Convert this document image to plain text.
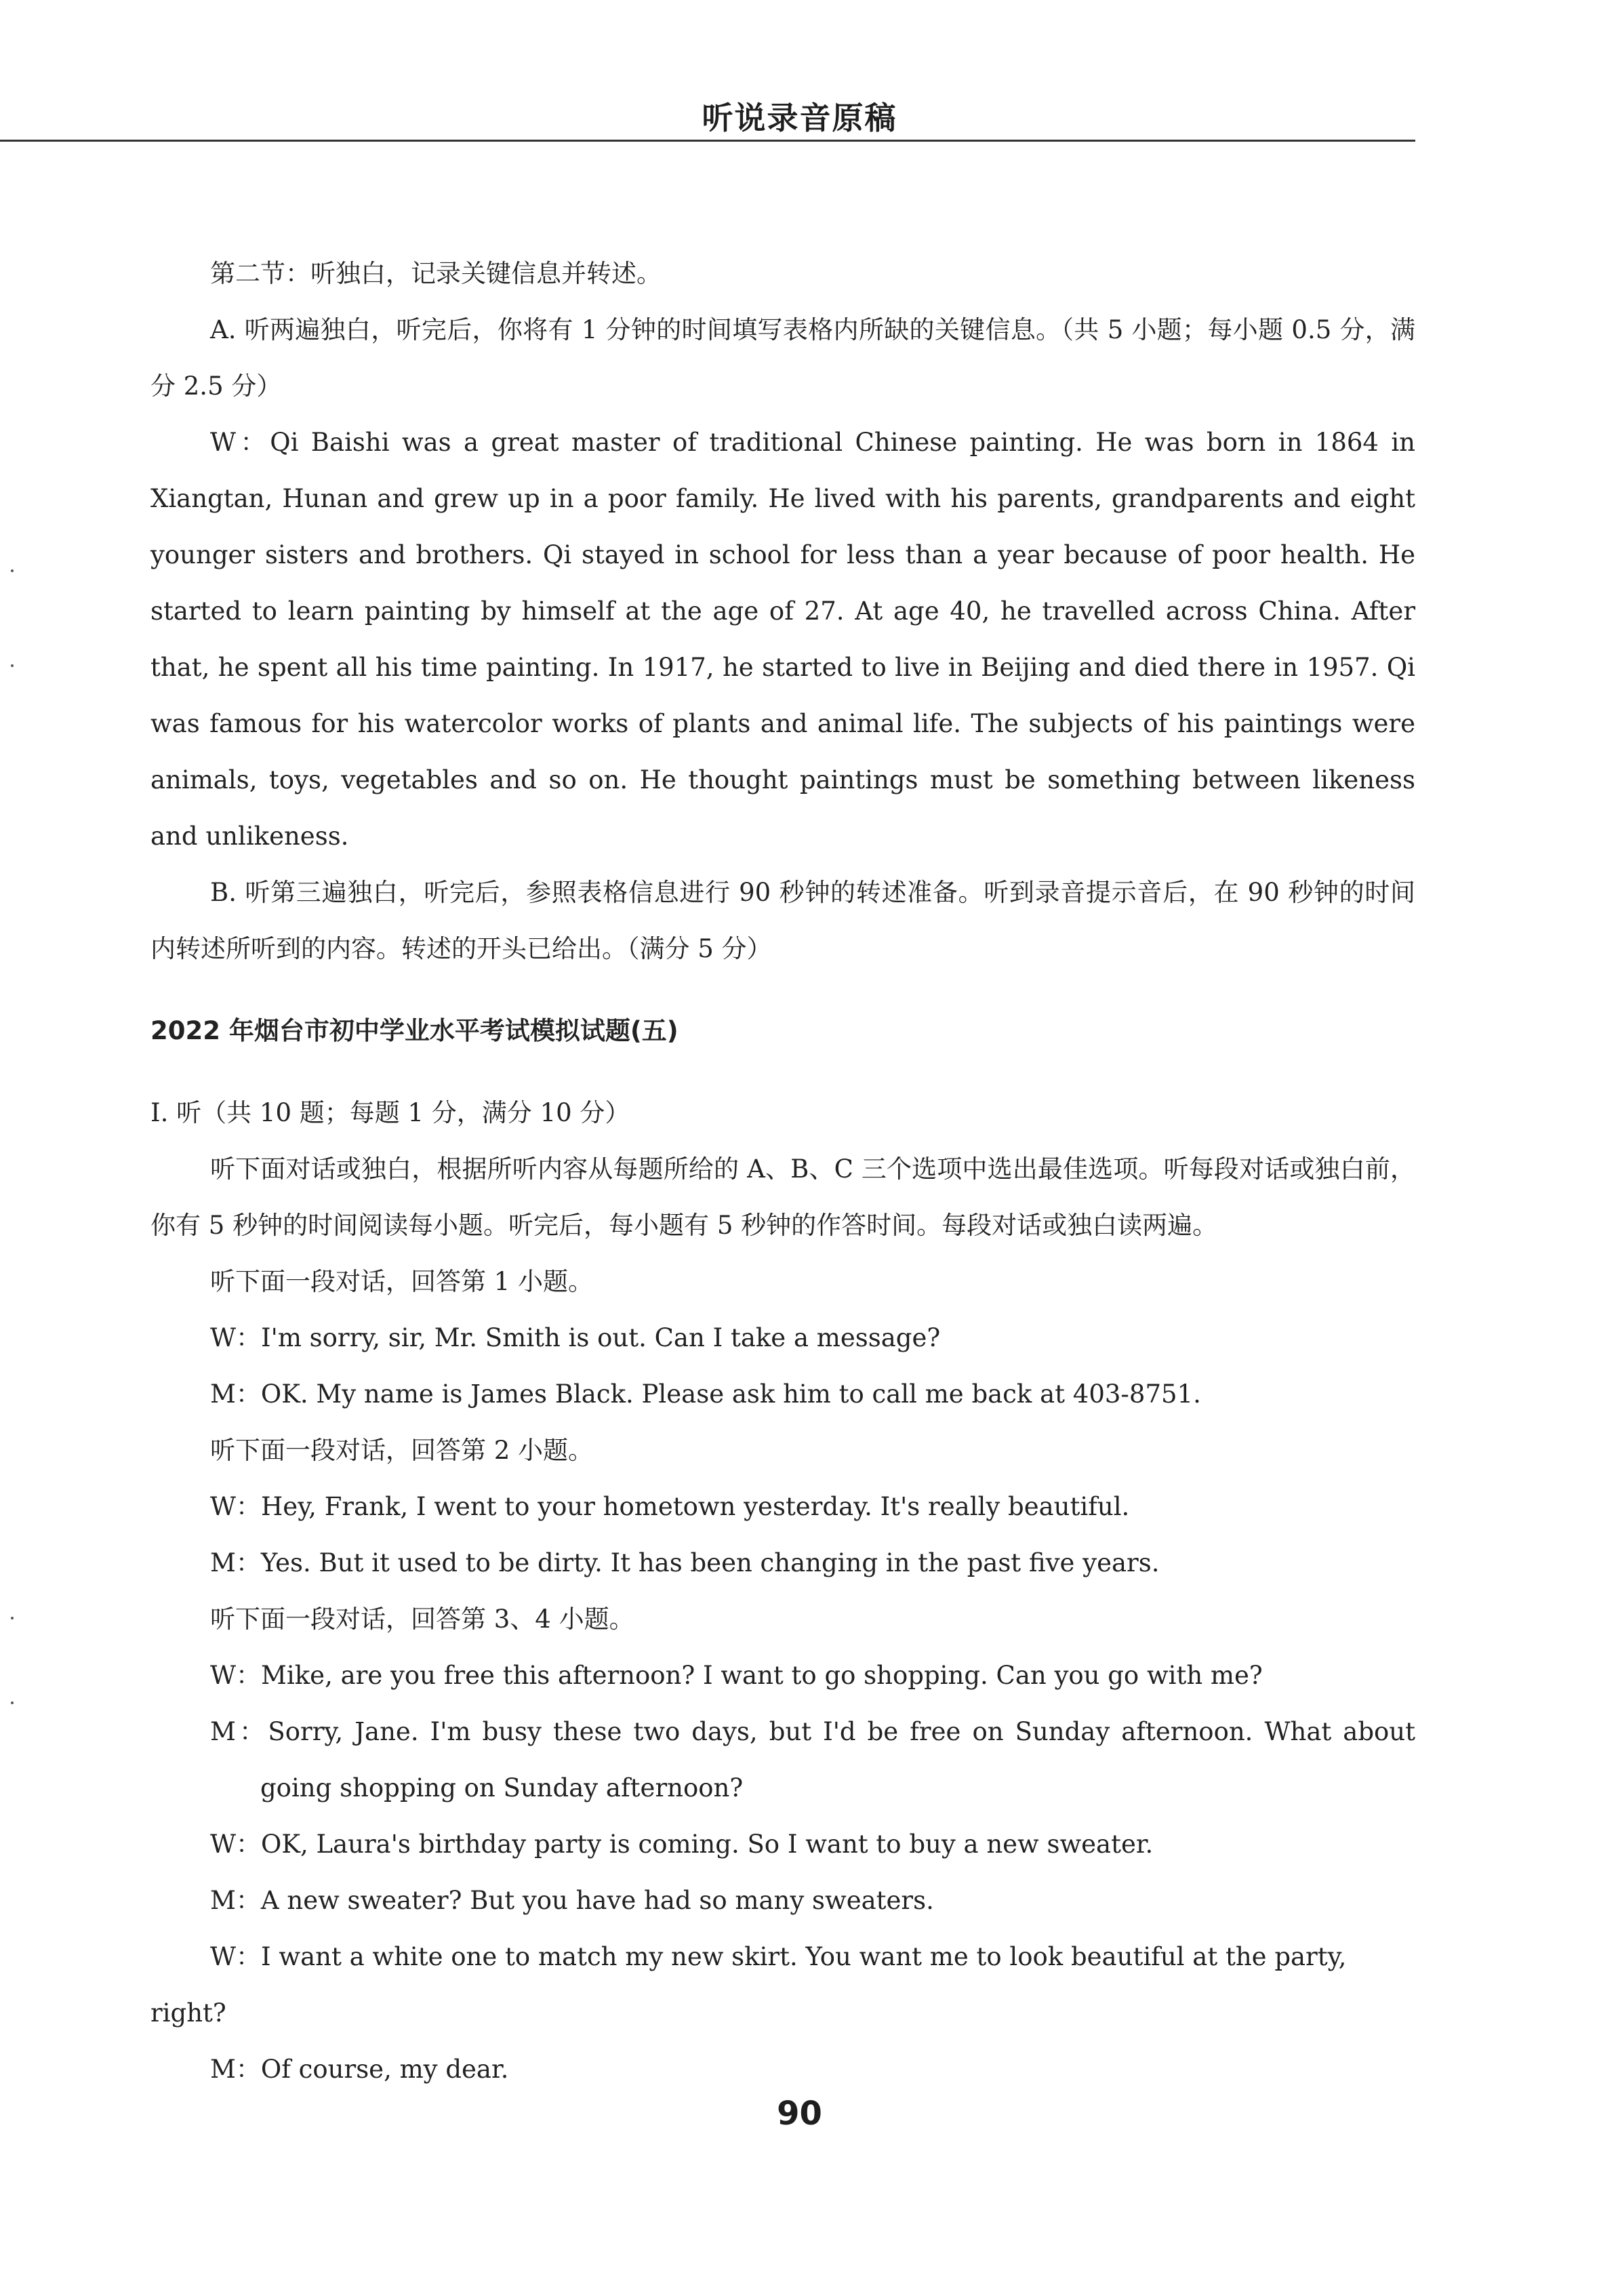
听说录音原稿

第二节：听独白，记录关键信息并转述。

A. 听两遍独白，听完后，你将有 1 分钟的时间填写表格内所缺的关键信息。（共 5 小题；每小题 0.5 分，满分 2.5 分）

W：Qi Baishi was a great master of traditional Chinese painting. He was born in 1864 in Xiangtan, Hunan and grew up in a poor family. He lived with his parents, grandparents and eight younger sisters and brothers. Qi stayed in school for less than a year because of poor health. He started to learn painting by himself at the age of 27. At age 40, he travelled across China. After that, he spent all his time painting. In 1917, he started to live in Beijing and died there in 1957. Qi was famous for his watercolor works of plants and animal life. The subjects of his paintings were animals, toys, vegetables and so on. He thought paintings must be something between likeness and unlikeness.

B. 听第三遍独白，听完后，参照表格信息进行 90 秒钟的转述准备。听到录音提示音后，在 90 秒钟的时间内转述所听到的内容。转述的开头已给出。（满分 5 分）

2022 年烟台市初中学业水平考试模拟试题(五)

Ⅰ. 听（共 10 题；每题 1 分，满分 10 分）

听下面对话或独白，根据所听内容从每题所给的 A、B、C 三个选项中选出最佳选项。听每段对话或独白前，你有 5 秒钟的时间阅读每小题。听完后，每小题有 5 秒钟的作答时间。每段对话或独白读两遍。

听下面一段对话，回答第 1 小题。

W：I'm sorry, sir, Mr. Smith is out. Can I take a message?

M：OK. My name is James Black. Please ask him to call me back at 403-8751.

听下面一段对话，回答第 2 小题。

W：Hey, Frank, I went to your hometown yesterday. It's really beautiful.

M：Yes. But it used to be dirty. It has been changing in the past five years.

听下面一段对话，回答第 3、4 小题。

W：Mike, are you free this afternoon? I want to go shopping. Can you go with me?

M：Sorry, Jane. I'm busy these two days, but I'd be free on Sunday afternoon. What about going shopping on Sunday afternoon?

W：OK, Laura's birthday party is coming. So I want to buy a new sweater.

M：A new sweater? But you have had so many sweaters.

W：I want a white one to match my new skirt. You want me to look beautiful at the party, right?

M：Of course, my dear.

90
